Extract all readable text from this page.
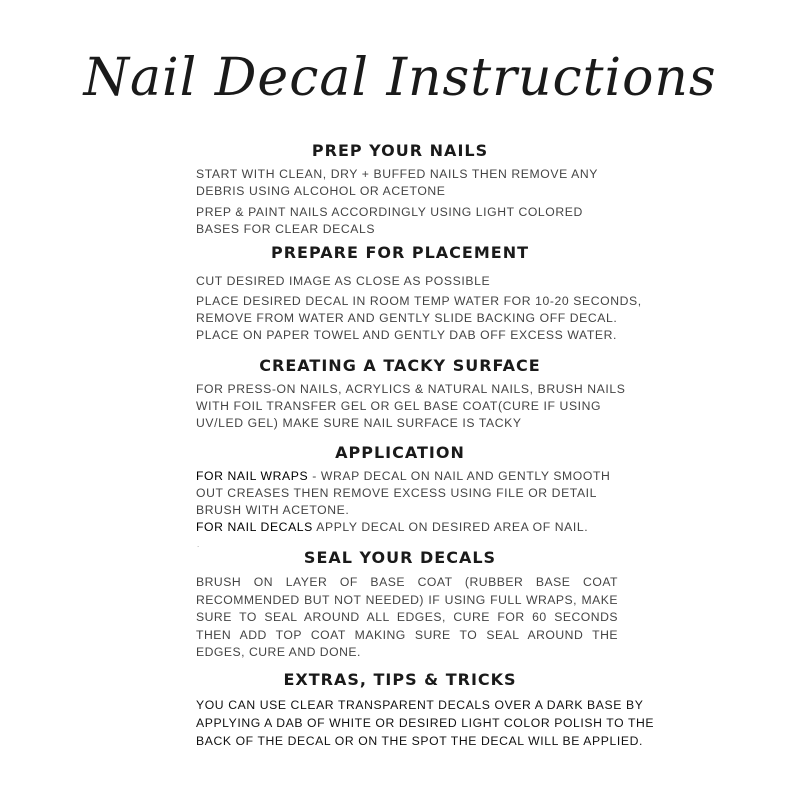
Nail Decal Instructions
PREP YOUR NAILS

START WITH CLEAN, DRY + BUFFED NAILS THEN REMOVE ANY

DEBRIS USING ALCOHOL OR ACETONE

PREP & PAINT NAILS ACCORDINGLY USING LIGHT COLORED

BASES FOR CLEAR DECALS

PREPARE FOR PLACEMENT

CUT DESIRED IMAGE AS CLOSE AS POSSIBLE

PLACE DESIRED DECAL IN ROOM TEMP WATER FOR 10-20 SECONDS,

REMOVE FROM WATER AND GENTLY SLIDE BACKING OFF DECAL.

PLACE ON PAPER TOWEL AND GENTLY DAB OFF EXCESS WATER.

CREATING A TACKY SURFACE

FOR PRESS-ON NAILS, ACRYLICS & NATURAL NAILS, BRUSH NAILS

WITH FOIL TRANSFER GEL OR GEL BASE COAT(CURE IF USING

UV/LED GEL) MAKE SURE NAIL SURFACE IS TACKY

APPLICATION

FOR NAIL WRAPS - WRAP DECAL ON NAIL AND GENTLY SMOOTH

OUT CREASES THEN REMOVE EXCESS USING FILE OR DETAIL

BRUSH WITH ACETONE.

FOR NAIL DECALS APPLY DECAL ON DESIRED AREA OF NAIL.

.
SEAL YOUR DECALS

BRUSH ON LAYER OF BASE COAT (RUBBER BASE COAT RECOMMENDED BUT NOT NEEDED) IF USING FULL WRAPS, MAKE SURE TO SEAL AROUND ALL EDGES, CURE FOR 60 SECONDS THEN ADD TOP COAT MAKING SURE TO SEAL AROUND THE EDGES, CURE AND DONE.

EXTRAS, TIPS & TRICKS

YOU CAN USE CLEAR TRANSPARENT DECALS OVER A DARK BASE BY

APPLYING A DAB OF WHITE OR DESIRED LIGHT COLOR POLISH TO THE

BACK OF THE DECAL OR ON THE SPOT THE DECAL WILL BE APPLIED.
